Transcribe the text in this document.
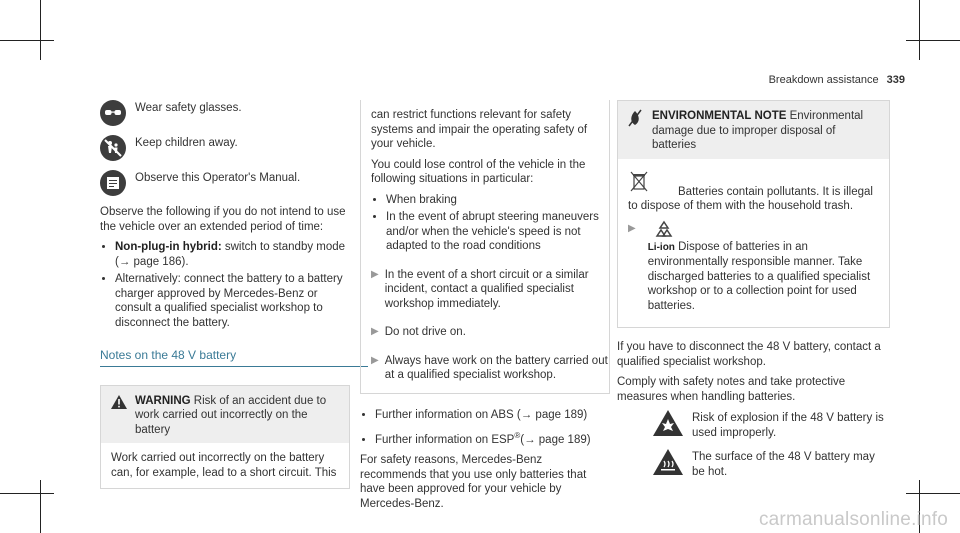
Breakdown assistance 339
Wear safety glasses.
Keep children away.
Observe this Operator's Manual.

Observe the following if you do not intend to use the vehicle over an extended period of time:

• Non-plug-in hybrid: switch to standby mode
(→ page 186).
• Alternatively: connect the battery to a battery charger approved by Mercedes-Benz or consult a qualified specialist workshop to disconnect the battery.
Notes on the 48 V battery
WARNING Risk of an accident due to work carried out incorrectly on the battery
Work carried out incorrectly on the battery can, for example, lead to a short circuit. This

can restrict functions relevant for safety systems and impair the operating safety of your vehicle.

You could lose control of the vehicle in the following situations in particular:

• When braking
• In the event of abrupt steering maneuvers and/or when the vehicle's speed is not adapted to the road conditions
▶ In the event of a short circuit or a similar incident, contact a qualified specialist workshop immediately.
▶ Do not drive on.
▶ Always have work on the battery carried out at a qualified specialist workshop.
• Further information on ABS (→ page 189)
• Further information on ESP®(→ page 189)

For safety reasons, Mercedes-Benz recommends that you use only batteries that have been approved for your vehicle by Mercedes-Benz.

ENVIRONMENTAL NOTE Environmental damage due to improper disposal of batteries

Batteries contain pollutants. It is illegal to dispose of them with the household trash.

▶

Li-ion Dispose of batteries in an environmentally responsible manner. Take discharged batteries to a qualified specialist workshop or to a collection point for used batteries.

If you have to disconnect the 48 V battery, contact a qualified specialist workshop.

Comply with safety notes and take protective measures when handling batteries.

Risk of explosion if the 48 V battery is used improperly.
The surface of the 48 V battery may be hot.
carmanualsonline.info
